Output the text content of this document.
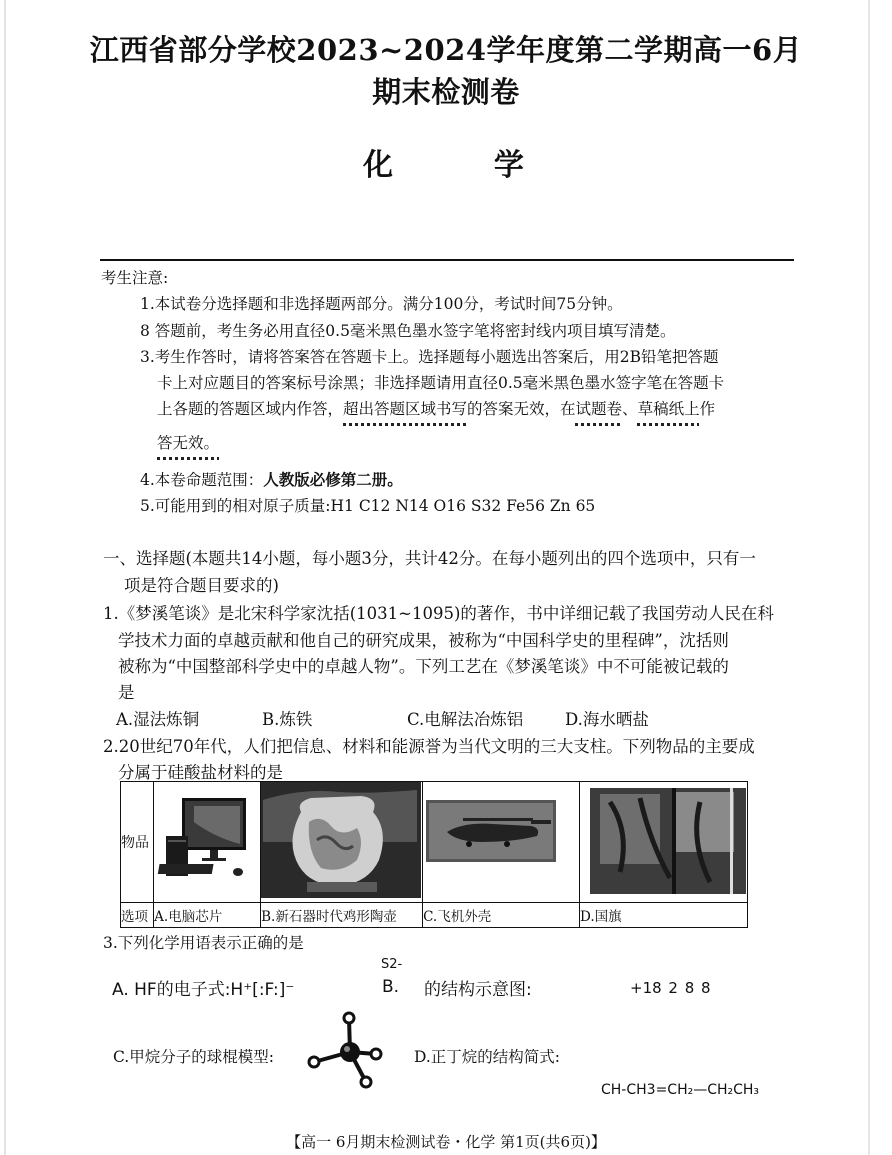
江西省部分学校2023~2024学年度第二学期高一6月
期末检测卷
化  学
考生注意:
1.本试卷分选择题和非选择题两部分。满分100分，考试时间75分钟。
8 答题前，考生务必用直径0.5毫米黑色墨水签字笔将密封线内项目填写清楚。
3.考生作答时，请将答案答在答题卡上。选择题每小题选出答案后，用2B铅笔把答题
卡上对应题目的答案标号涂黑；非选择题请用直径0.5毫米黑色墨水签字笔在答题卡
上各题的答题区域内作答，超出答题区域书写的答案无效，在试题卷、草稿纸上作
答无效。
4.本卷命题范围：人教版必修第二册。
5.可能用到的相对原子质量:H1 C12 N14 O16 S32 Fe56 Zn 65
一、选择题(本题共14小题，每小题3分，共计42分。在每小题列出的四个选项中，只有一
项是符合题目要求的)
1.《梦溪笔谈》是北宋科学家沈括(1031~1095)的著作，书中详细记载了我国劳动人民在科
学技术力面的卓越贡献和他自己的研究成果，被称为“中国科学史的里程碑”，沈括则
被称为“中国整部科学史中的卓越人物”。下列工艺在《梦溪笔谈》中不可能被记载的
是
A.湿法炼铜	B.炼铁	C.电解法冶炼铝	D.海水晒盐
2.20世纪70年代，人们把信息、材料和能源誉为当代文明的三大支柱。下列物品的主要成
分属于硅酸盐材料的是
物品				
选项	A.电脑芯片	B.新石器时代鸡形陶壶	C.飞机外壳	D.国旗
3.下列化学用语表示正确的是
A. HF的电子式:H⁺[:F:]⁻	B.
S2-
的结构示意图:	+18 2 8 8
C.甲烷分子的球棍模型:	D.正丁烷的结构简式:
CH-CH3=CH₂—CH₂CH₃
【高一 6月期末检测试卷・化学 第1页(共6页)】
